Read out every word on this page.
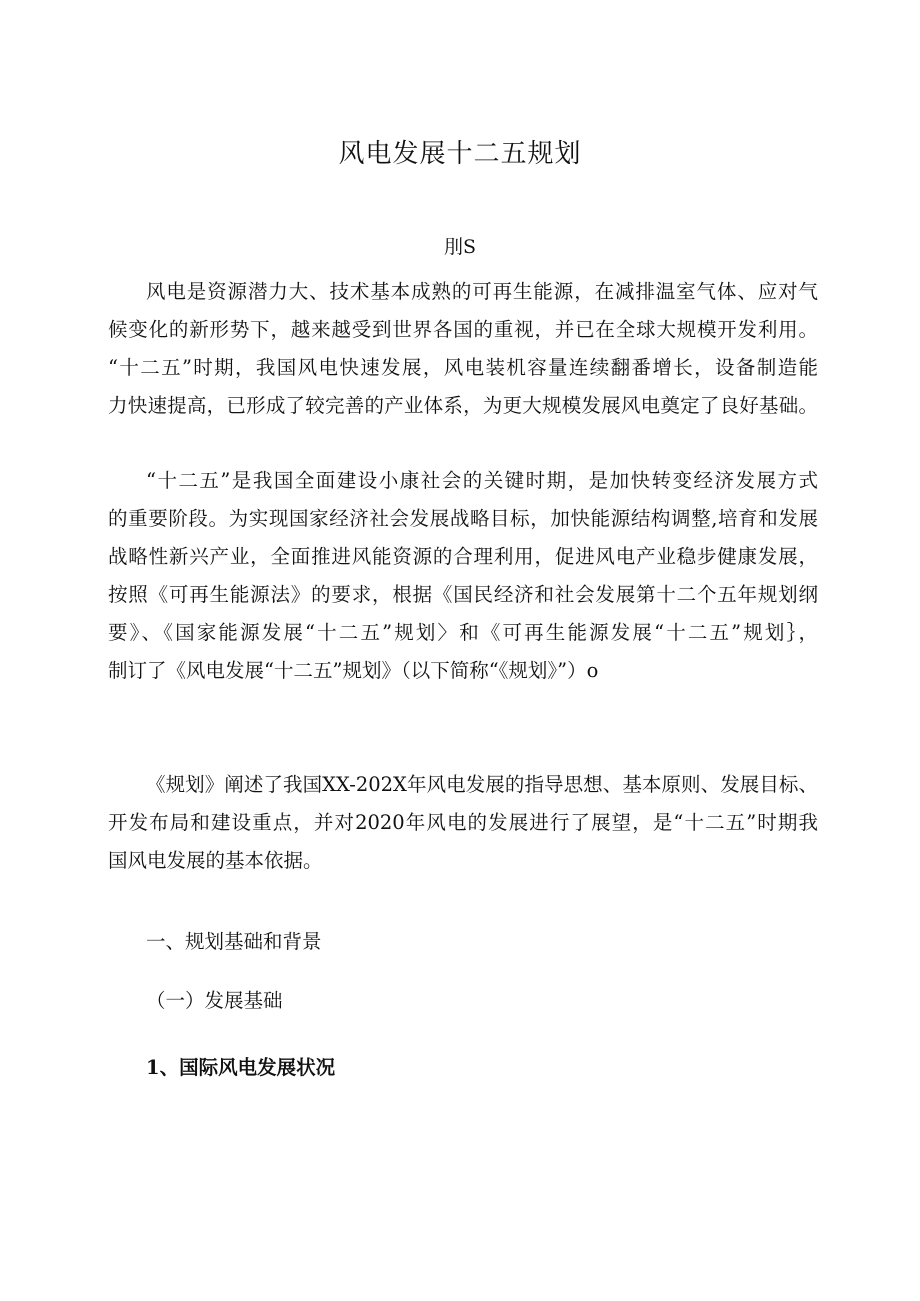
风电发展十二五规划
刖S
风电是资源潜力大、技术基本成熟的可再生能源，在减排温室气体、应对气
候变化的新形势下，越来越受到世界各国的重视，并已在全球大规模开发利用。
“十二五”时期，我国风电快速发展，风电装机容量连续翻番增长，设备制造能
力快速提高，已形成了较完善的产业体系，为更大规模发展风电奠定了良好基础。
“十二五”是我国全面建设小康社会的关键时期，是加快转变经济发展方式
的重要阶段。为实现国家经济社会发展战略目标，加快能源结构调整,培育和发展
战略性新兴产业，全面推进风能资源的合理利用，促进风电产业稳步健康发展，
按照《可再生能源法》的要求，根据《国民经济和社会发展第十二个五年规划纲
要》、《国家能源发展“十二五”规划〉和《可再生能源发展“十二五”规划｝，
制订了《风电发展“十二五”规划》（以下简称“《规划》”）o
《规划》阐述了我国XX-202X年风电发展的指导思想、基本原则、发展目标、
开发布局和建设重点，并对2020年风电的发展进行了展望，是“十二五”时期我
国风电发展的基本依据。
一、规划基础和背景
（一）发展基础
1、国际风电发展状况
